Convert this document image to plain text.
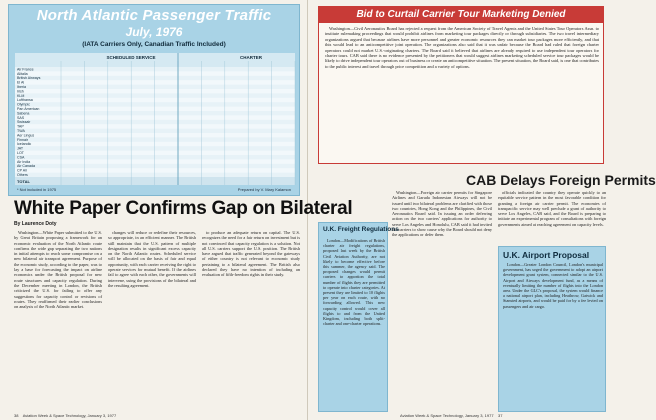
North Atlantic Passenger Traffic
July, 1976
(IATA Carriers Only, Canadian Traffic Included)
SCHEDULED SERVICE	CHARTER
Air France
Alitalia
British Airways
El Al
Iberia
Irish
KLM
Lufthansa
Olympic
Pan American
Sabena
SAS
Swissair
TAP
TWA
Aer Lingus
Finnair
Icelandic
JAT
LOT
CSA
Air India
Air Canada
CP Air
Others
TOTAL
* Not included in 1975	Prepared by V. Mary Kalamon
White Paper Confirms Gap on Bilateral
By Laurence Doty

Washington—White Paper submitted to the U.S. by Great Britain proposing a framework for an economic evaluation of the North Atlantic route confirms the wide gap separating the two nations in initial attempts to reach some compromise on a new bilateral air transport agreement. Purpose of the economic study, according to the paper, was to lay a base for forecasting the impact on airline economics under the British proposal for new route structures and capacity regulation. During the December meeting in London, the British criticized the U.S. for failing to offer any suggestions for capacity control or revisions of routes. They reaffirmed their earlier conclusions on analysis of the North Atlantic market.

changes will reduce or redefine their resources, so appropriate, in an efficient manner. The British still maintain that the U.S. pattern of multiple designation results in significant excess capacity on the North Atlantic routes. Scheduled service will be allocated on the basis of fair and equal opportunity, with each carrier receiving the right to operate services for mutual benefit. If the airlines fail to agree with each other, the governments will intervene, using the provisions of the bilateral and the resulting agreement.

38 Aviation Week & Space Technology, January 3, 1977

to produce an adequate return on capital. The U.S. recognizes the need for a fair return on investment but is not convinced that capacity regulation is a solution. Not all U.S. carriers support the U.S. position. The British have argued that traffic generated beyond the gateways of either country is not relevant to economic study pertaining to a bilateral agreement. The British also declared they have no intention of including an evaluation of fifth-freedom rights in their study.

Bid to Curtail Carrier Tour Marketing Denied

Washington—Civil Aeronautics Board has rejected a request from the American Society of Travel Agents and the United States Tour Operators Assn. to institute rulemaking proceedings that would prohibit airlines from marketing tour packages directly or through subsidiaries. The two travel intermediary organizations argued that because airlines have more personnel and greater economic resources they can market tour packages more efficiently, and that this would lead to an anticompetitive joint operation. The organizations also said that it was unfair because the Board had ruled that foreign charter operators could not market U.S.-originating charters. The Board said it believed that airlines are already required to use independent tour operators for charter tours. CAB said there is no evidence presented by the petitioners that would suggest airlines marketing scheduled service tour packages would be likely to drive independent tour operators out of business or create an anticompetitive situation. The present situation, the Board said, is one that contributes to the public interest and travel through price competition and a variety of options.

CAB Delays Foreign Permits

Washington—Foreign air carrier permits for Singapore Airlines and Garuda Indonesian Airways will not be issued until two bilateral problems are clarified with those two countries, Hong Kong and the Philippines, the Civil Aeronautics Board said. In issuing an order deferring action on the two carriers' applications for authority to serve Los Angeles and Honolulu, CAB said it had invited the carriers to show cause why the Board should not deny the applications or defer them.

officials indicated the country they operate quickly to an equitable service pattern in the most favorable condition for granting a foreign air carrier permit. The economies of transpacific service may well preclude a grant of authority to serve Los Angeles, CAB said, and the Board is preparing to initiate an experimental program of consultations with foreign governments aimed at reaching agreement on capacity levels.

U.K. Freight Regulations

London—Modifications of British charter air freight regulations, proposed last week by the British Civil Aviation Authority, are not likely to become effective before this summer, the agency said. The proposed changes would permit carriers to apportion the total number of flights they are permitted to operate into charter categories. At present they are limited to 10 flights per year on each route, with no forwarding allowed. This new capacity control would cover all flights to and from the United Kingdom, including both split-charter and one-charter operations.

U.K. Airport Proposal

London—Greater London Council, London's municipal government, has urged the government to adopt an airport development grant system, connected similar to the U.S. Airport and Airways development fund, as a means of eventually limiting the number of flights into the London area. Under the GLC's proposal, the system would finance a national airport plan, including Heathrow, Gatwick and Stansted airports, and would be paid for by a fee levied on passengers and air cargo.

Aviation Week & Space Technology, January 3, 1977 37
